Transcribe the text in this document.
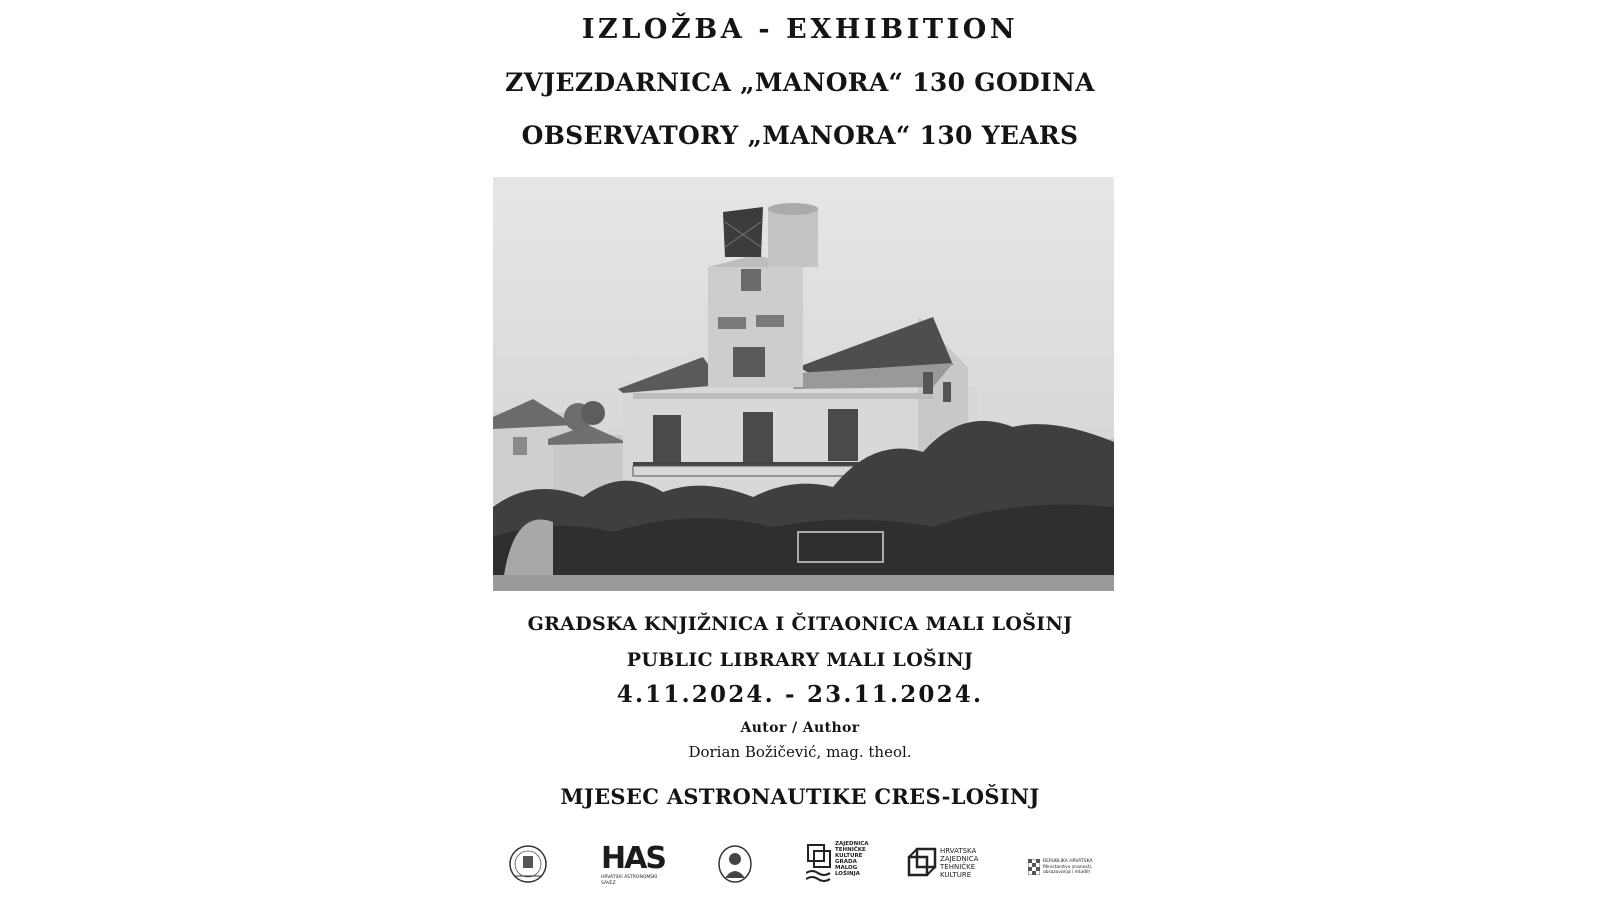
IZLOŽBA - EXHIBITION
ZVJEZDARNICA „MANORA“ 130 GODINA
OBSERVATORY „MANORA“ 130 YEARS
GRADSKA KNJIŽNICA I ČITAONICA MALI LOŠINJ
PUBLIC LIBRARY MALI LOŠINJ
4.11.2024. - 23.11.2024.
Autor / Author
Dorian Božičević, mag. theol.
MJESEC ASTRONAUTIKE CRES-LOŠINJ
HAS
HRVATSKI ASTRONOMSKI SAVEZ
ZAJEDNICA
TEHNIČKE
KULTURE
GRADA
MALOG
LOŠINJA
HRVATSKA
ZAJEDNICA
TEHNIČKE
KULTURE
REPUBLIKA HRVATSKA
Ministarstvo znanosti,
obrazovanja i mladih
